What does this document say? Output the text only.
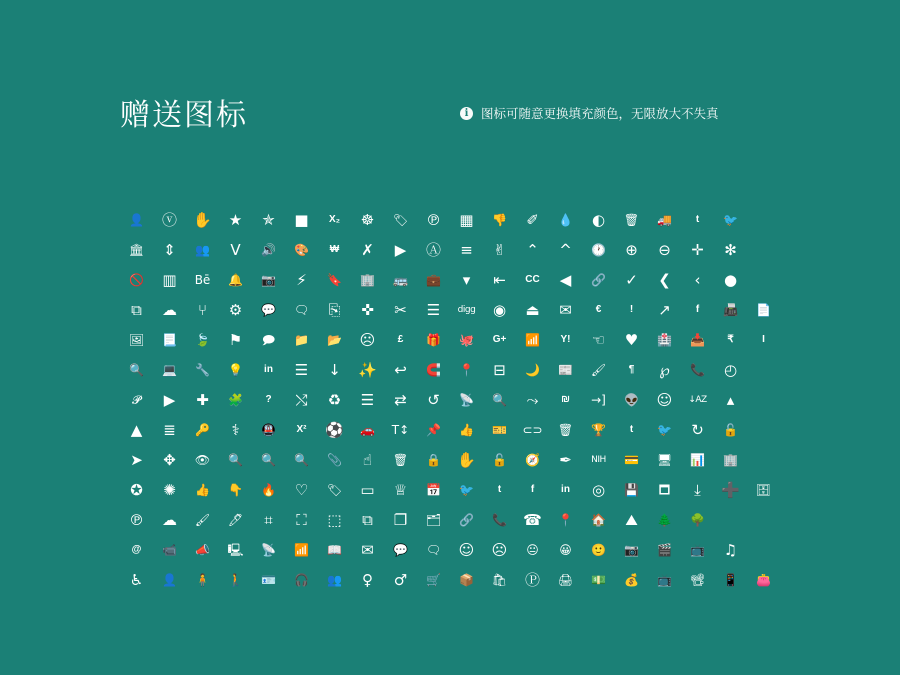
赠送图标	i	图标可随意更换填充颜色，无限放大不失真
👤	ⓥ	✋	★	✯	■	X₂	☸	🏷	℗	▦	👎	✐	💧	◐	🗑	🚚	t	🐦
🏛	⇕	👥	Ⅴ	🔊	🎨	₩	✗	▶	Ⓐ	≡	✌	⌃	^	🕐	⊕	⊖	✛	✻
🚫	▥	Bē	🔔	📷	⚡	🔖	🏢	🚌	💼	▾	⇤	CC	◀	🔗	✓	❮	‹	●
⧉	☁	⑂	⚙	💬	🗨	⎘	✜	✂	☰	digg	◉	⏏	✉	€	!	↗	f	📠	📄
🖼	📃	🍃	⚑	🗩	📁	📂	☹	£	🎁	🐙	G+	📶	Y!	☜	♥	🏥	📥	₹	I
🔍	💻	🔧	💡	in	☰	↓	✨	↩	🧲	📍	⊟	🌙	📰	🖌	¶	℘	📞	◴
𝓟	▶	✚	🧩	?	⤭	♻	☰	⇄	↺	📡	🔍	⤳	₪	→]	👽	☺	↓AZ	▴
▲	≣	🔑	⚕	🚇	X²	⚽	🚗	T↕	📌	👍	🎫	⊂⊃	🗑	🏆	t	🐦	↻	🔓
➤	✥	👁	🔍	🔍	🔍	📎	☝	🗑	🔒	✋	🔓	🧭	✒	NIH	💳	🖥	📊	🏢
✪	✺	👍	👇	🔥	♡	🏷	▭	♕	📅	🐦	t	f	in	◎	💾	🗖	⤓	➕	🗄
℗	☁	🖌	🖊	⌗	⛶	⬚	⧉	❐	🗂	🔗	📞	☎	📍	🏠	⛰	🌲	🌳
@	📹	📣	🖳	📡	📶	📖	✉	💬	🗨	☺	☹	😐	😀	🙂	📷	🎬	📺	♫
♿	👤	🧍	🚶	🪪	🎧	👥	♀	♂	🛒	📦	🛍	Ⓟ	🖨	💵	💰	📺	📽	📱	👛
